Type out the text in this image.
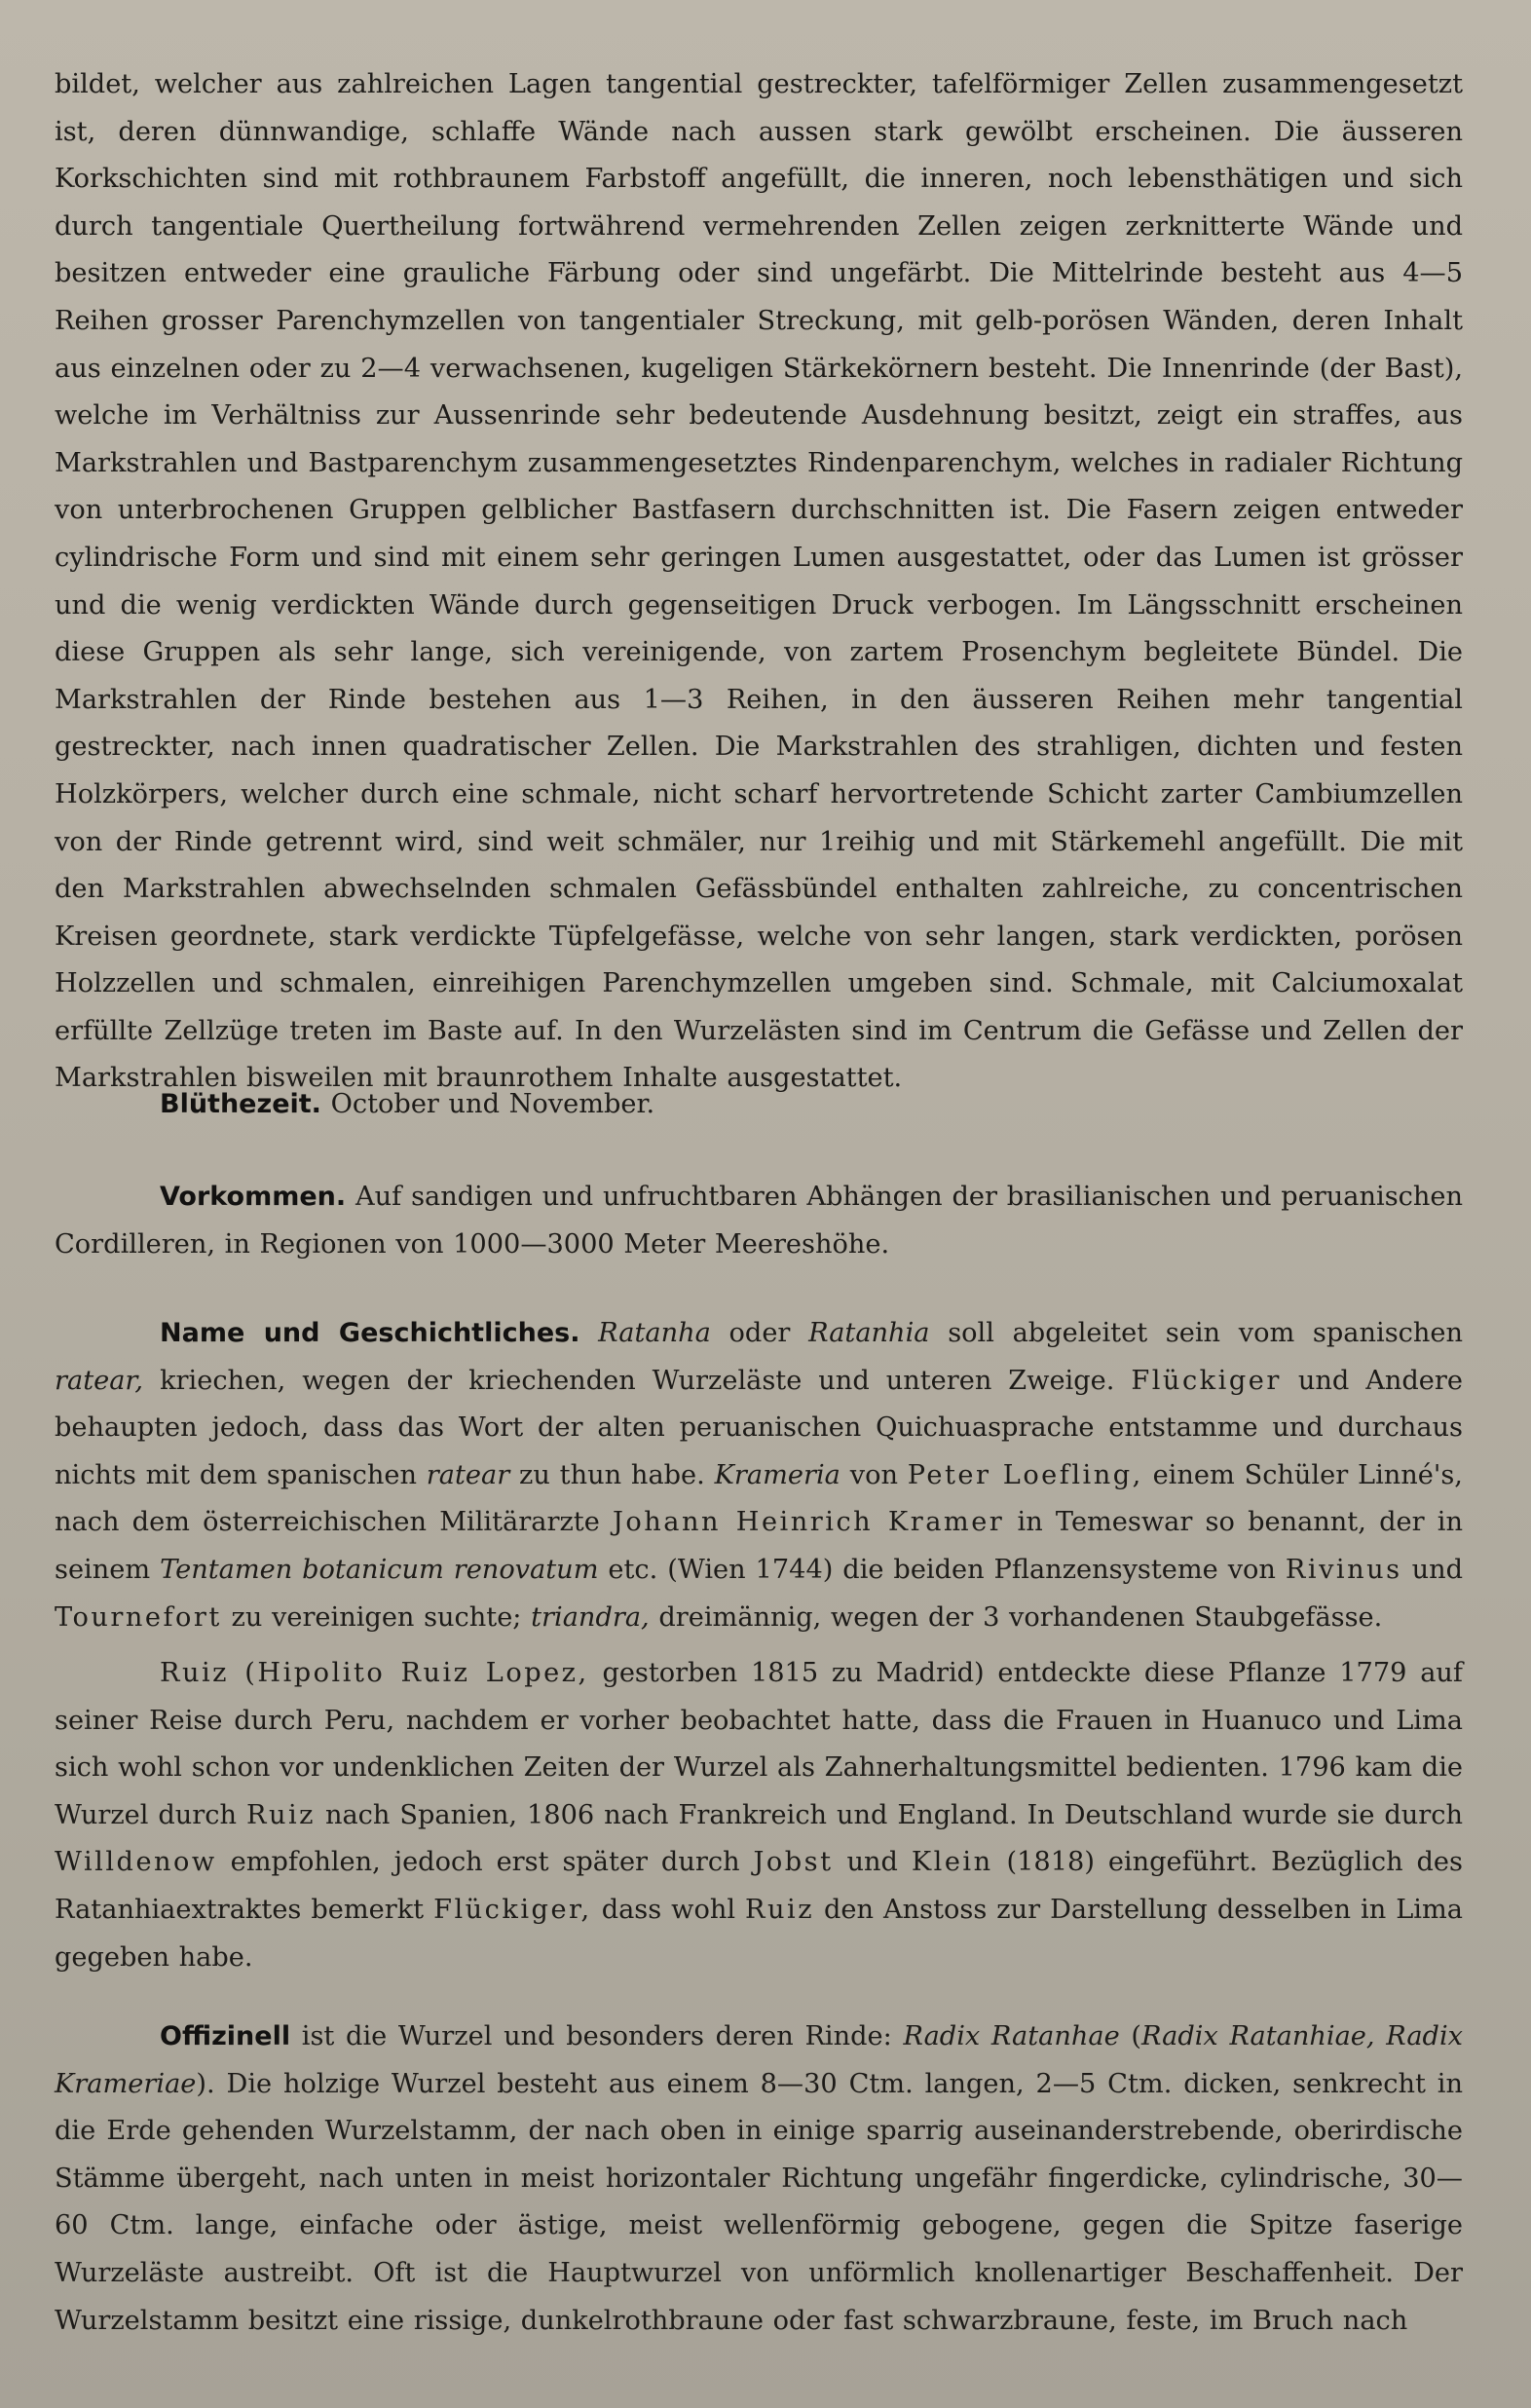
bildet, welcher aus zahlreichen Lagen tangential gestreckter, tafelförmiger Zellen zusammengesetzt ist, deren dünnwandige, schlaffe Wände nach aussen stark gewölbt erscheinen. Die äusseren Korkschichten sind mit rothbraunem Farbstoff angefüllt, die inneren, noch lebensthätigen und sich durch tangentiale Quertheilung fortwährend vermehrenden Zellen zeigen zerknitterte Wände und besitzen entweder eine grauliche Färbung oder sind ungefärbt. Die Mittelrinde besteht aus 4—5 Reihen grosser Parenchymzellen von tangentialer Streckung, mit gelb-porösen Wänden, deren Inhalt aus einzelnen oder zu 2—4 verwachsenen, kugeligen Stärkekörnern besteht. Die Innenrinde (der Bast), welche im Verhältniss zur Aussenrinde sehr bedeutende Ausdehnung besitzt, zeigt ein straffes, aus Markstrahlen und Bastparenchym zusammengesetztes Rindenparenchym, welches in radialer Richtung von unterbrochenen Gruppen gelblicher Bastfasern durchschnitten ist. Die Fasern zeigen entweder cylindrische Form und sind mit einem sehr geringen Lumen ausgestattet, oder das Lumen ist grösser und die wenig verdickten Wände durch gegenseitigen Druck verbogen. Im Längsschnitt erscheinen diese Gruppen als sehr lange, sich vereinigende, von zartem Prosenchym begleitete Bündel. Die Markstrahlen der Rinde bestehen aus 1—3 Reihen, in den äusseren Reihen mehr tangential gestreckter, nach innen quadratischer Zellen. Die Markstrahlen des strahligen, dichten und festen Holzkörpers, welcher durch eine schmale, nicht scharf hervortretende Schicht zarter Cambiumzellen von der Rinde getrennt wird, sind weit schmäler, nur 1reihig und mit Stärkemehl angefüllt. Die mit den Markstrahlen abwechselnden schmalen Gefässbündel enthalten zahlreiche, zu concentrischen Kreisen geordnete, stark verdickte Tüpfelgefässe, welche von sehr langen, stark verdickten, porösen Holzzellen und schmalen, einreihigen Parenchymzellen umgeben sind. Schmale, mit Calciumoxalat erfüllte Zellzüge treten im Baste auf. In den Wurzelästen sind im Centrum die Gefässe und Zellen der Markstrahlen bisweilen mit braunrothem Inhalte ausgestattet.

Blüthezeit. October und November.

Vorkommen. Auf sandigen und unfruchtbaren Abhängen der brasilianischen und peruanischen Cordilleren, in Regionen von 1000—3000 Meter Meereshöhe.

Name und Geschichtliches. Ratanha oder Ratanhia soll abgeleitet sein vom spanischen ratear, kriechen, wegen der kriechenden Wurzeläste und unteren Zweige. Flückiger und Andere behaupten jedoch, dass das Wort der alten peruanischen Quichuasprache entstamme und durchaus nichts mit dem spanischen ratear zu thun habe. Krameria von Peter Loefling, einem Schüler Linné's, nach dem österreichischen Militärarzte Johann Heinrich Kramer in Temeswar so benannt, der in seinem Tentamen botanicum renovatum etc. (Wien 1744) die beiden Pflanzensysteme von Rivinus und Tournefort zu vereinigen suchte; triandra, dreimännig, wegen der 3 vorhandenen Staubgefässe.

Ruiz (Hipolito Ruiz Lopez, gestorben 1815 zu Madrid) entdeckte diese Pflanze 1779 auf seiner Reise durch Peru, nachdem er vorher beobachtet hatte, dass die Frauen in Huanuco und Lima sich wohl schon vor undenklichen Zeiten der Wurzel als Zahnerhaltungsmittel bedienten. 1796 kam die Wurzel durch Ruiz nach Spanien, 1806 nach Frankreich und England. In Deutschland wurde sie durch Willdenow empfohlen, jedoch erst später durch Jobst und Klein (1818) eingeführt. Bezüglich des Ratanhiaextraktes bemerkt Flückiger, dass wohl Ruiz den Anstoss zur Darstellung desselben in Lima gegeben habe.

Offizinell ist die Wurzel und besonders deren Rinde: Radix Ratanhae (Radix Ratanhiae, Radix Krameriae). Die holzige Wurzel besteht aus einem 8—30 Ctm. langen, 2—5 Ctm. dicken, senkrecht in die Erde gehenden Wurzelstamm, der nach oben in einige sparrig auseinanderstrebende, oberirdische Stämme übergeht, nach unten in meist horizontaler Richtung ungefähr fingerdicke, cylindrische, 30—60 Ctm. lange, einfache oder ästige, meist wellenförmig gebogene, gegen die Spitze faserige Wurzeläste austreibt. Oft ist die Hauptwurzel von unförmlich knollenartiger Beschaffenheit. Der Wurzelstamm besitzt eine rissige, dunkelrothbraune oder fast schwarzbraune, feste, im Bruch nach
